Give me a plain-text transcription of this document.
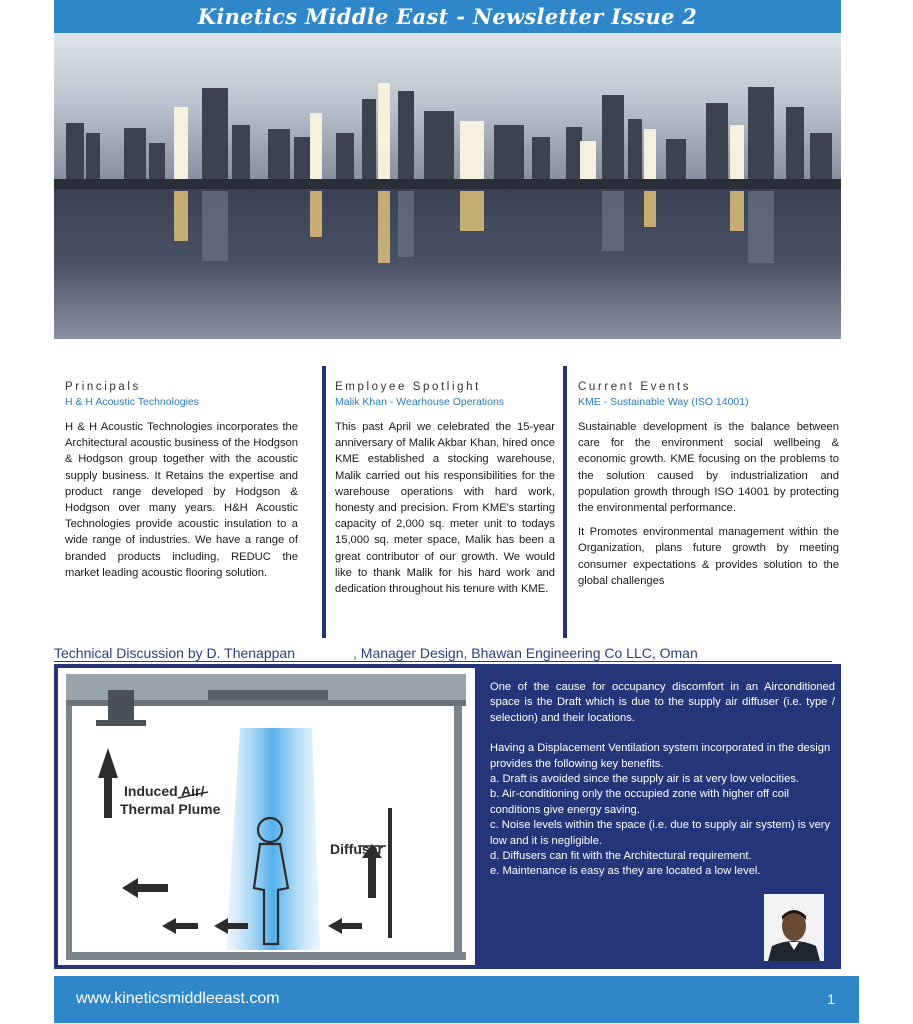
Kinetics Middle East - Newsletter Issue 2
Principals
H & H Acoustic Technologies

H & H Acoustic Technologies incorporates the Architectural acoustic business of the Hodgson & Hodgson group together with the acoustic supply business. It Retains the expertise and product range developed by Hodgson & Hodgson over many years. H&H Acoustic Technologies provide acoustic insulation to a wide range of industries. We have a range of branded products including, REDUC the market leading acoustic flooring solution.

Employee Spotlight
Malik Khan - Wearhouse Operations

This past April we celebrated the 15-year anniversary of Malik Akbar Khan, hired once KME established a stocking warehouse, Malik carried out his responsibilities for the warehouse operations with hard work, honesty and precision. From KME's starting capacity of 2,000 sq. meter unit to todays 15,000 sq. meter space, Malik has been a great contributor of our growth. We would like to thank Malik for his hard work and dedication throughout his tenure with KME.

Current Events
KME - Sustainable Way (ISO 14001)

Sustainable development is the balance between care for the environment social wellbeing & economic growth. KME focusing on the problems to the solution caused by industrialization and population growth through ISO 14001 by protecting the environmental performance.

It Promotes environmental management within the Organization, plans future growth by meeting consumer expectations & provides solution to the global challenges

Technical Discussion by D. Thenappan	, Manager Design, Bhawan Engineering Co LLC, Oman
Induced Air/
Thermal Plume
Diffuser

One of the cause for occupancy discomfort in an Airconditioned space is the Draft which is due to the supply air diffuser (i.e. type / selection) and their locations.

Having a Displacement Ventilation system incorporated in the design provides the following key benefits.

a. Draft is avoided since the supply air is at very low velocities.

b. Air-conditioning only the occupied zone with higher off coil conditions give energy saving.

c. Noise levels within the space (i.e. due to supply air system) is very low and it is negligible.

d. Diffusers can fit with the Architectural requirement.

e. Maintenance is easy as they are located a low level.

www.kineticsmiddleeast.com	1
